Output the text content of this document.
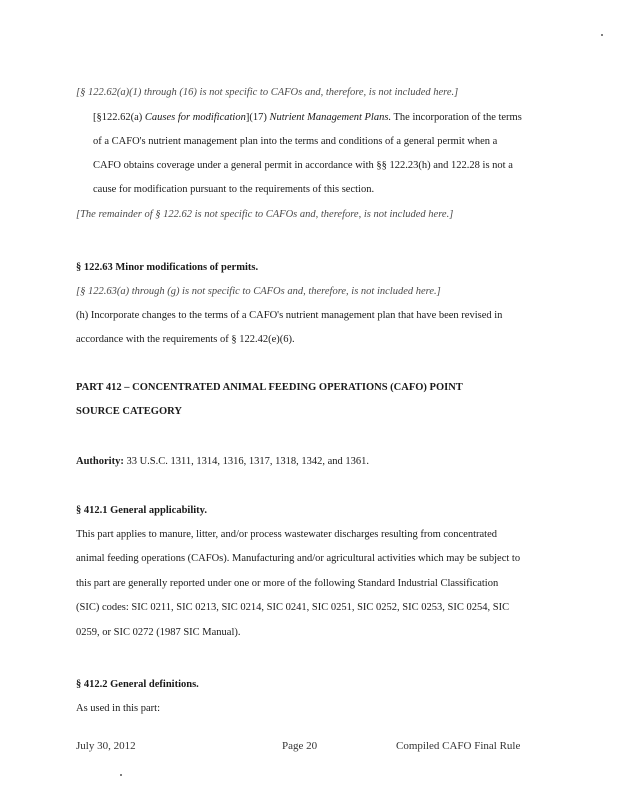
[§ 122.62(a)(1) through (16) is not specific to CAFOs and, therefore, is not included here.]
[§122.62(a) Causes for modification](17) Nutrient Management Plans. The incorporation of the terms
of a CAFO's nutrient management plan into the terms and conditions of a general permit when a
CAFO obtains coverage under a general permit in accordance with §§ 122.23(h) and 122.28 is not a
cause for modification pursuant to the requirements of this section.
[The remainder of § 122.62 is not specific to CAFOs and, therefore, is not included here.]
§ 122.63 Minor modifications of permits.
[§ 122.63(a) through (g) is not specific to CAFOs and, therefore, is not included here.]
(h) Incorporate changes to the terms of a CAFO's nutrient management plan that have been revised in
accordance with the requirements of § 122.42(e)(6).
PART 412 – CONCENTRATED ANIMAL FEEDING OPERATIONS (CAFO) POINT
SOURCE CATEGORY
Authority: 33 U.S.C. 1311, 1314, 1316, 1317, 1318, 1342, and 1361.
§ 412.1 General applicability.
This part applies to manure, litter, and/or process wastewater discharges resulting from concentrated
animal feeding operations (CAFOs). Manufacturing and/or agricultural activities which may be subject to
this part are generally reported under one or more of the following Standard Industrial Classification
(SIC) codes: SIC 0211, SIC 0213, SIC 0214, SIC 0241, SIC 0251, SIC 0252, SIC 0253, SIC 0254, SIC
0259, or SIC 0272 (1987 SIC Manual).
§ 412.2 General definitions.
As used in this part:
July 30, 2012	Page 20	Compiled CAFO Final Rule
